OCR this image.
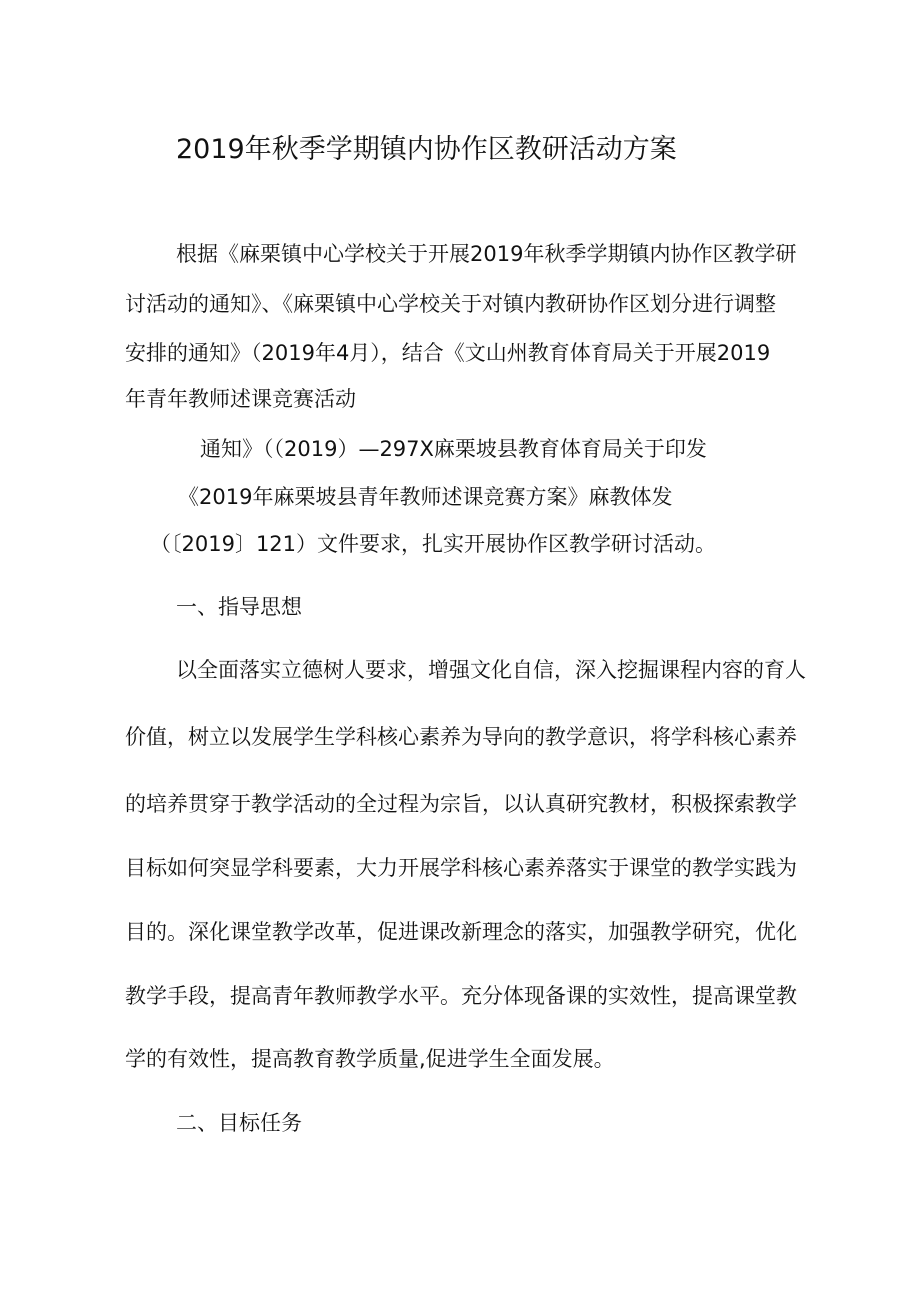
2019年秋季学期镇内协作区教研活动方案
根据《麻栗镇中心学校关于开展2019年秋季学期镇内协作区教学研
讨活动的通知》、《麻栗镇中心学校关于对镇内教研协作区划分进行调整
安排的通知》（2019年4月），结合《文山州教育体育局关于开展2019
年青年教师述课竞赛活动
通知》（（2019）—297X麻栗坡县教育体育局关于印发
《2019年麻栗坡县青年教师述课竞赛方案》麻教体发
（〔2019〕121）文件要求，扎实开展协作区教学研讨活动。
一、指导思想
以全面落实立德树人要求，增强文化自信，深入挖掘课程内容的育人
价值，树立以发展学生学科核心素养为导向的教学意识，将学科核心素养
的培养贯穿于教学活动的全过程为宗旨，以认真研究教材，积极探索教学
目标如何突显学科要素，大力开展学科核心素养落实于课堂的教学实践为
目的。深化课堂教学改革，促进课改新理念的落实，加强教学研究，优化
教学手段，提高青年教师教学水平。充分体现备课的实效性，提高课堂教
学的有效性，提高教育教学质量,促进学生全面发展。
二、目标任务
